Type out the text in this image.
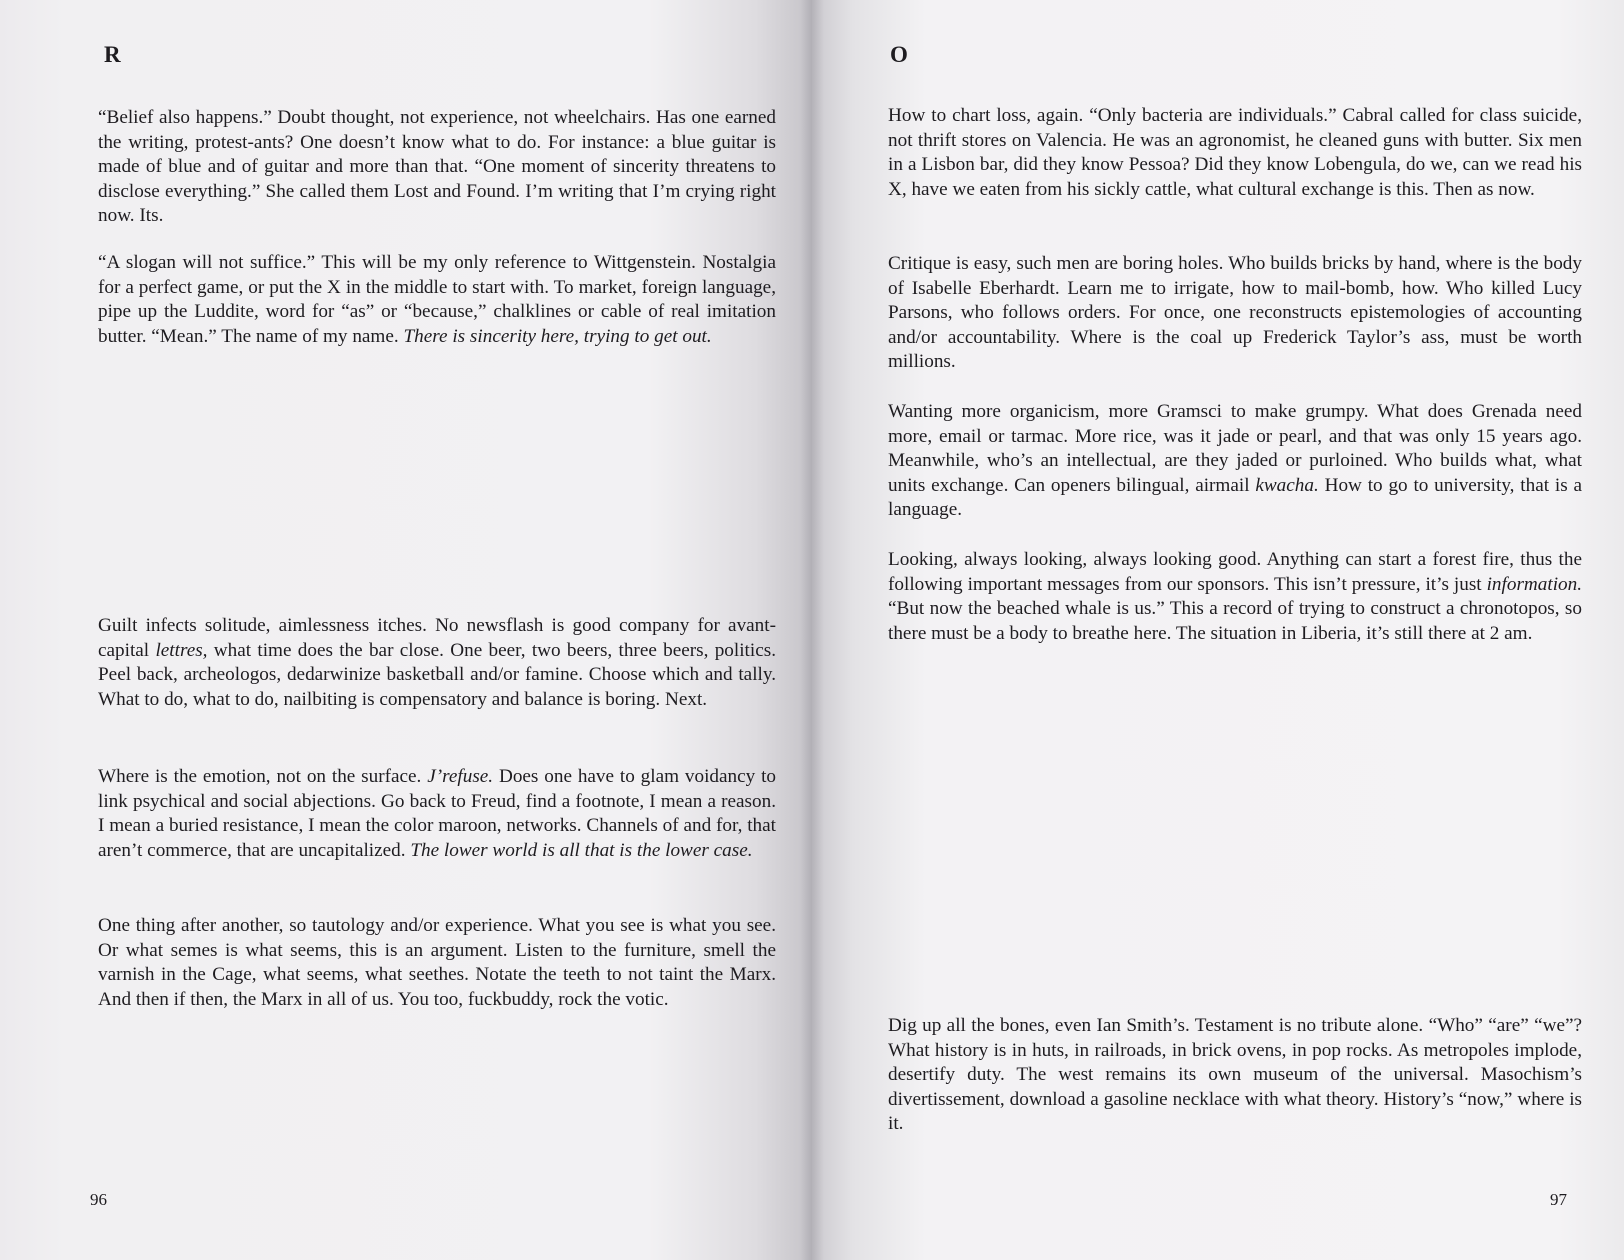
R

“Belief also happens.” Doubt thought, not experience, not wheelchairs. Has one earned the writing, protest-ants? One doesn’t know what to do. For instance: a blue guitar is made of blue and of guitar and more than that. “One moment of sincerity threatens to disclose everything.” She called them Lost and Found. I’m writing that I’m crying right now. Its.

“A slogan will not suffice.” This will be my only reference to Wittgenstein. Nostalgia for a perfect game, or put the X in the middle to start with. To market, foreign language, pipe up the Luddite, word for “as” or “because,” chalklines or cable of real imitation butter. “Mean.” The name of my name. There is sincerity here, trying to get out.

Guilt infects solitude, aimlessness itches. No newsflash is good company for avant-capital lettres, what time does the bar close. One beer, two beers, three beers, politics. Peel back, archeologos, dedarwinize basketball and/or famine. Choose which and tally. What to do, what to do, nailbiting is compensatory and balance is boring. Next.

Where is the emotion, not on the surface. J’refuse. Does one have to glam voidancy to link psychical and social abjections. Go back to Freud, find a footnote, I mean a reason. I mean a buried resistance, I mean the color maroon, networks. Channels of and for, that aren’t commerce, that are uncapitalized. The lower world is all that is the lower case.

One thing after another, so tautology and/or experience. What you see is what you see. Or what semes is what seems, this is an argument. Listen to the furniture, smell the varnish in the Cage, what seems, what seethes. Notate the teeth to not taint the Marx. And then if then, the Marx in all of us. You too, fuckbuddy, rock the votic.

96

O

How to chart loss, again. “Only bacteria are individuals.” Cabral called for class suicide, not thrift stores on Valencia. He was an agronomist, he cleaned guns with butter. Six men in a Lisbon bar, did they know Pessoa? Did they know Lobengula, do we, can we read his X, have we eaten from his sickly cattle, what cultural exchange is this. Then as now.

Critique is easy, such men are boring holes. Who builds bricks by hand, where is the body of Isabelle Eberhardt. Learn me to irrigate, how to mail-bomb, how. Who killed Lucy Parsons, who follows orders. For once, one reconstructs epistemologies of accounting and/or accountability. Where is the coal up Frederick Taylor’s ass, must be worth millions.

Wanting more organicism, more Gramsci to make grumpy. What does Grenada need more, email or tarmac. More rice, was it jade or pearl, and that was only 15 years ago. Meanwhile, who’s an intellectual, are they jaded or purloined. Who builds what, what units exchange. Can openers bilingual, airmail kwacha. How to go to university, that is a language.

Looking, always looking, always looking good. Anything can start a forest fire, thus the following important messages from our sponsors. This isn’t pressure, it’s just information. “But now the beached whale is us.” This a record of trying to construct a chronotopos, so there must be a body to breathe here. The situation in Liberia, it’s still there at 2 am.

Dig up all the bones, even Ian Smith’s. Testament is no tribute alone. “Who” “are” “we”? What history is in huts, in railroads, in brick ovens, in pop rocks. As metropoles implode, desertify duty. The west remains its own museum of the universal. Masochism’s divertissement, download a gasoline necklace with what theory. History’s “now,” where is it.

97
